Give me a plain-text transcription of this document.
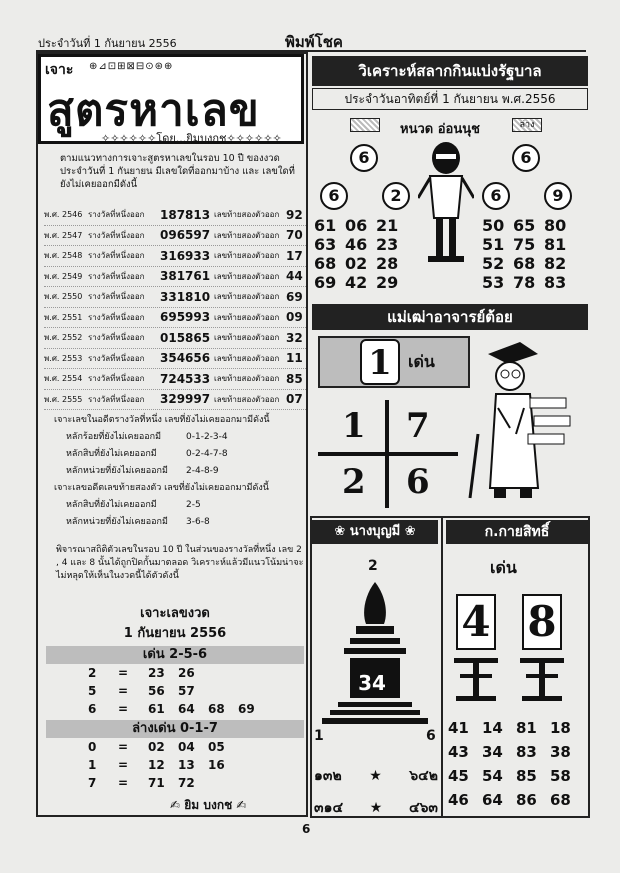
ประจำวันที่ 1 กันยายน 2556	พิมพ์โชค
เจาะ ⊕⊿⊡⊞⊠⊟⊙⊛⊕
สูตรหาเลข
✧✧✧✧✧✧โดย...ยิมบงกช✧✧✧✧✧✧
ตามแนวทางการเจาะสูตรหาเลขในรอบ 10 ปี ของงวดประจำวันที่ 1 กันยายน มีเลขใดที่ออกมาบ้าง และ เลขใดที่ยังไม่เคยออกมีดังนี้
พ.ศ. 2546 รางวัลที่หนึ่งออก	187813 เลขท้ายสองตัวออก 92
พ.ศ. 2547 รางวัลที่หนึ่งออก	096597 เลขท้ายสองตัวออก 70
พ.ศ. 2548 รางวัลที่หนึ่งออก	316933 เลขท้ายสองตัวออก 17
พ.ศ. 2549 รางวัลที่หนึ่งออก	381761 เลขท้ายสองตัวออก 44
พ.ศ. 2550 รางวัลที่หนึ่งออก	331810 เลขท้ายสองตัวออก 69
พ.ศ. 2551 รางวัลที่หนึ่งออก	695993 เลขท้ายสองตัวออก 09
พ.ศ. 2552 รางวัลที่หนึ่งออก	015865 เลขท้ายสองตัวออก 32
พ.ศ. 2553 รางวัลที่หนึ่งออก	354656 เลขท้ายสองตัวออก 11
พ.ศ. 2554 รางวัลที่หนึ่งออก	724533 เลขท้ายสองตัวออก 85
พ.ศ. 2555 รางวัลที่หนึ่งออก	329997 เลขท้ายสองตัวออก 07
เจาะเลขในอดีตรางวัลที่หนึ่ง เลขที่ยังไม่เคยออกมามีดังนี้
หลักร้อยที่ยังไม่เคยออกมี	0-1-2-3-4
หลักสิบที่ยังไม่เคยออกมี	0-2-4-7-8
หลักหน่วยที่ยังไม่เคยออกมี	2-4-8-9
เจาะเลขอดีตเลขท้ายสองตัว เลขที่ยังไม่เคยออกมามีดังนี้
หลักสิบที่ยังไม่เคยออกมี	2-5
หลักหน่วยที่ยังไม่เคยออกมี	3-6-8
พิจารณาสถิติตัวเลขในรอบ 10 ปี ในส่วนของรางวัลที่หนึ่ง เลข 2 , 4 และ 8 นั้นได้ถูกปิดกั้นมาตลอด วิเคราะห์แล้วมีแนวโน้มน่าจะไม่หลุดให้เห็นในงวดนี้ได้ตัวดังนี้
เจาะเลขงวด
1 กันยายน 2556
เด่น 2-5-6
2	=	23	26
5	=	56	57
6	=	61	64	68	69
ล่างเด่น 0-1-7
0	=	02	04	05
1	=	12	13	16
7	=	71	72
✍ ยิม บงกช ✍
วิเคราะห์สลากกินแบ่งรัฐบาล
ประจำวันอาทิตย์ที่ 1 กันยายน พ.ศ.2556
หนวด อ่อนนุช	ล่าง
6	6
6	2	6	9
61 06 21
63 46 23
68 02 28
69 42 29
50 65 80
51 75 81
52 68 82
53 78 83
แม่เฒ่าอาจารย์ต้อย
1	เด่น
1 7
2 6
❀ นางบุญมี ❀	ก.กายสิทธิ์
2
34
1	6
๑๓๒ ★ ๖๔๒
๓๑๔ ★ ๔๖๓
เด่น
4 8
41 14 81 18
43 34 83 38
45 54 85 58
46 64 86 68
6
